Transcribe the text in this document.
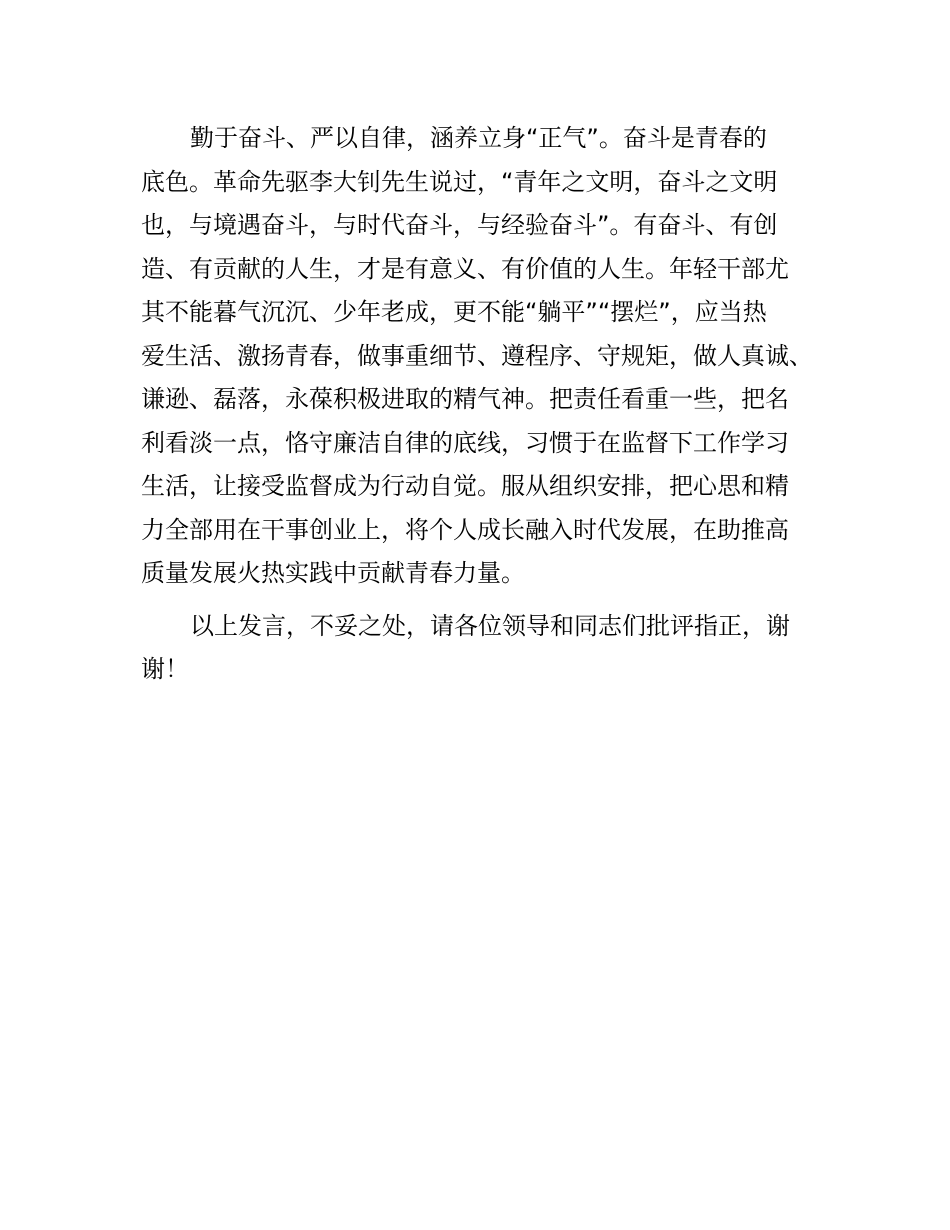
勤于奋斗、严以自律，涵养立身“正气”。奋斗是青春的
底色。革命先驱李大钊先生说过，“青年之文明，奋斗之文明
也，与境遇奋斗，与时代奋斗，与经验奋斗”。有奋斗、有创
造、有贡献的人生，才是有意义、有价值的人生。年轻干部尤
其不能暮气沉沉、少年老成，更不能“躺平”“摆烂”，应当热
爱生活、激扬青春，做事重细节、遵程序、守规矩，做人真诚、
谦逊、磊落，永葆积极进取的精气神。把责任看重一些，把名
利看淡一点，恪守廉洁自律的底线，习惯于在监督下工作学习
生活，让接受监督成为行动自觉。服从组织安排，把心思和精
力全部用在干事创业上，将个人成长融入时代发展，在助推高
质量发展火热实践中贡献青春力量。
以上发言，不妥之处，请各位领导和同志们批评指正，谢
谢！
